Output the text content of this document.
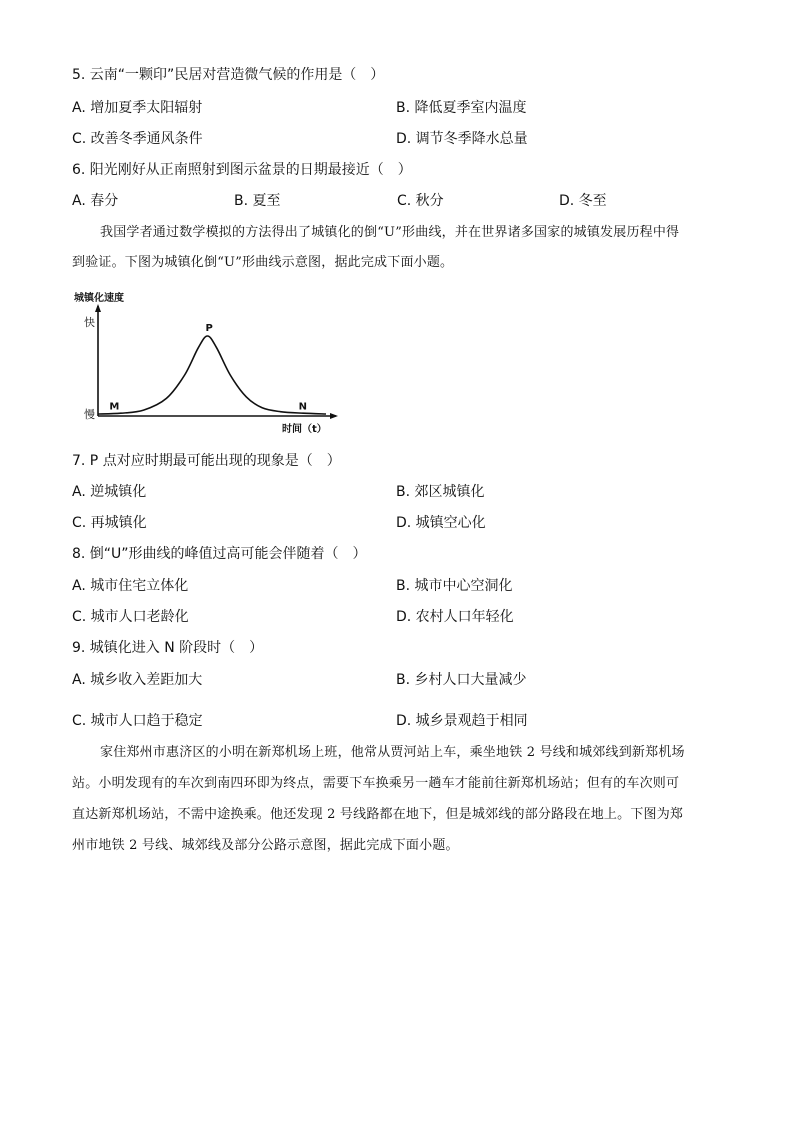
5. 云南“一颗印”民居对营造微气候的作用是（　）
A. 增加夏季太阳辐射	B. 降低夏季室内温度
C. 改善冬季通风条件	D. 调节冬季降水总量
6. 阳光刚好从正南照射到图示盆景的日期最接近（　）
A. 春分	B. 夏至	C. 秋分	D. 冬至
我国学者通过数学模拟的方法得出了城镇化的倒“U”形曲线，并在世界诸多国家的城镇发展历程中得
到验证。下图为城镇化倒“U”形曲线示意图，据此完成下面小题。
城镇化速度
时间（t）
快
慢
M
P
N
7. P 点对应时期最可能出现的现象是（　）
A. 逆城镇化	B. 郊区城镇化
C. 再城镇化	D. 城镇空心化
8. 倒“U”形曲线的峰值过高可能会伴随着（　）
A. 城市住宅立体化	B. 城市中心空洞化
C. 城市人口老龄化	D. 农村人口年轻化
9. 城镇化进入 N 阶段时（　）
A. 城乡收入差距加大	B. 乡村人口大量减少
C. 城市人口趋于稳定	D. 城乡景观趋于相同
家住郑州市惠济区的小明在新郑机场上班，他常从贾河站上车，乘坐地铁 2 号线和城郊线到新郑机场
站。小明发现有的车次到南四环即为终点，需要下车换乘另一趟车才能前往新郑机场站；但有的车次则可
直达新郑机场站，不需中途换乘。他还发现 2 号线路都在地下，但是城郊线的部分路段在地上。下图为郑
州市地铁 2 号线、城郊线及部分公路示意图，据此完成下面小题。
